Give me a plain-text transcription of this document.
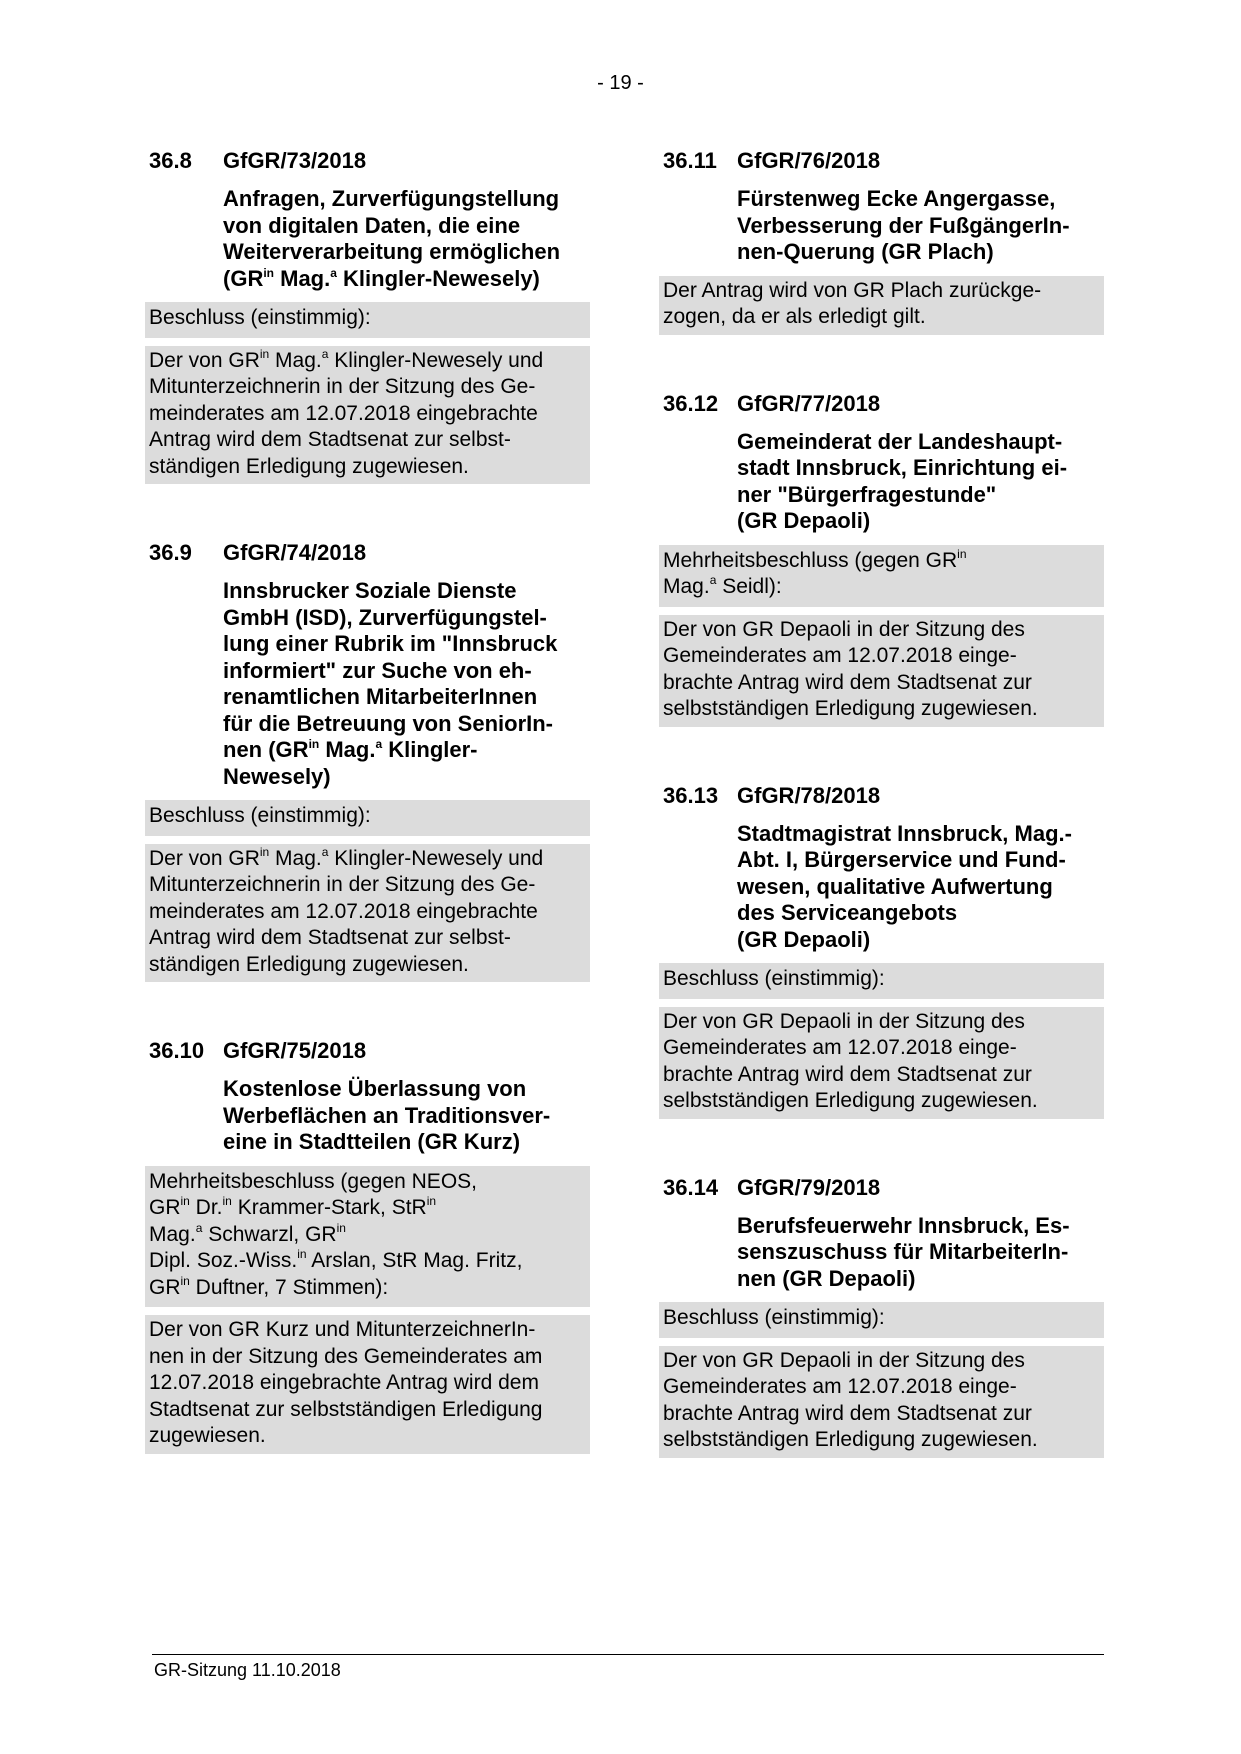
- 19 -
36.8	GfGR/73/2018
Anfragen, Zurverfügungstellung
von digitalen Daten, die eine
Weiterverarbeitung ermöglichen
($GR^{in}$ Mag.$^a$ Klingler-Newesely)
Beschluss (einstimmig):
Der von $GR^{in}$ Mag.$^a$ Klingler-Newesely und
Mitunterzeichnerin in der Sitzung des Ge-
meinderates am 12.07.2018 eingebrachte
Antrag wird dem Stadtsenat zur selbst-
ständigen Erledigung zugewiesen.
36.9	GfGR/74/2018
Innsbrucker Soziale Dienste
GmbH (ISD), Zurverfügungstel-
lung einer Rubrik im "Innsbruck
informiert" zur Suche von eh-
renamtlichen MitarbeiterInnen
für die Betreuung von SeniorIn-
nen ($GR^{in}$ Mag.$^a$ Klingler-
Newesely)
Beschluss (einstimmig):
Der von $GR^{in}$ Mag.$^a$ Klingler-Newesely und
Mitunterzeichnerin in der Sitzung des Ge-
meinderates am 12.07.2018 eingebrachte
Antrag wird dem Stadtsenat zur selbst-
ständigen Erledigung zugewiesen.
36.10 GfGR/75/2018
Kostenlose Überlassung von
Werbeflächen an Traditionsver-
eine in Stadtteilen (GR Kurz)
Mehrheitsbeschluss (gegen NEOS,
$GR^{in}$ Dr.$^{in}$ Krammer-Stark, StR$^{in}$
Mag.$^a$ Schwarzl, $GR^{in}$
Dipl. Soz.-Wiss.$^{in}$ Arslan, StR Mag. Fritz,
$GR^{in}$ Duftner, 7 Stimmen):
Der von GR Kurz und MitunterzeichnerIn-
nen in der Sitzung des Gemeinderates am
12.07.2018 eingebrachte Antrag wird dem
Stadtsenat zur selbstständigen Erledigung
zugewiesen.
36.11 GfGR/76/2018
Fürstenweg Ecke Angergasse,
Verbesserung der FußgängerIn-
nen-Querung (GR Plach)
Der Antrag wird von GR Plach zurückge-
zogen, da er als erledigt gilt.
36.12 GfGR/77/2018
Gemeinderat der Landeshaupt-
stadt Innsbruck, Einrichtung ei-
ner "Bürgerfragestunde"
(GR Depaoli)
Mehrheitsbeschluss (gegen $GR^{in}$
Mag.$^a$ Seidl):
Der von GR Depaoli in der Sitzung des
Gemeinderates am 12.07.2018 einge-
brachte Antrag wird dem Stadtsenat zur
selbstständigen Erledigung zugewiesen.
36.13 GfGR/78/2018
Stadtmagistrat Innsbruck, Mag.-
Abt. I, Bürgerservice und Fund-
wesen, qualitative Aufwertung
des Serviceangebots
(GR Depaoli)
Beschluss (einstimmig):
Der von GR Depaoli in der Sitzung des
Gemeinderates am 12.07.2018 einge-
brachte Antrag wird dem Stadtsenat zur
selbstständigen Erledigung zugewiesen.
36.14 GfGR/79/2018
Berufsfeuerwehr Innsbruck, Es-
senszuschuss für MitarbeiterIn-
nen (GR Depaoli)
Beschluss (einstimmig):
Der von GR Depaoli in der Sitzung des
Gemeinderates am 12.07.2018 einge-
brachte Antrag wird dem Stadtsenat zur
selbstständigen Erledigung zugewiesen.
GR-Sitzung 11.10.2018
